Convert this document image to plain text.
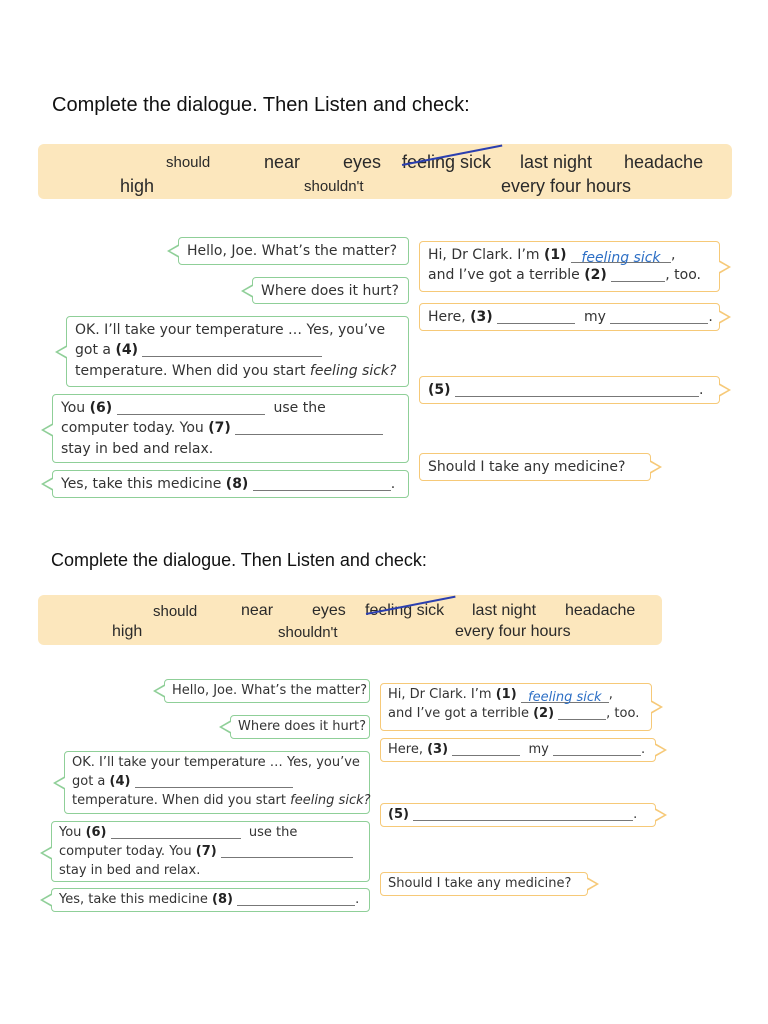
Complete the dialogue. Then Listen and check:
should	near eyes feeling sick last night headache
high	shouldn't	every four hours
Hello, Joe. What’s the matter?
Where does it hurt?
OK. I’ll take your temperature … Yes, you’ve
got a (4)
temperature. When did you start feeling sick?
You (6)	use the
computer today. You (7)
stay in bed and relax.
Yes, take this medicine (8)	.
Hi, Dr Clark. I’m (1) feeling sick ,
and I’ve got a terrible (2)	, too.
Here, (3)	my	.
(5)	.
Should I take any medicine?
Complete the dialogue. Then Listen and check:
should	near eyes feeling sick last night headache
high	shouldn't	every four hours
Hello, Joe. What’s the matter?
Where does it hurt?
OK. I’ll take your temperature … Yes, you’ve
got a (4)
temperature. When did you start feeling sick?
You (6)	use the
computer today. You (7)
stay in bed and relax.
Yes, take this medicine (8)	.
Hi, Dr Clark. I’m (1) feeling sick ,
and I’ve got a terrible (2)	, too.
Here, (3)	my	.
(5)	.
Should I take any medicine?
